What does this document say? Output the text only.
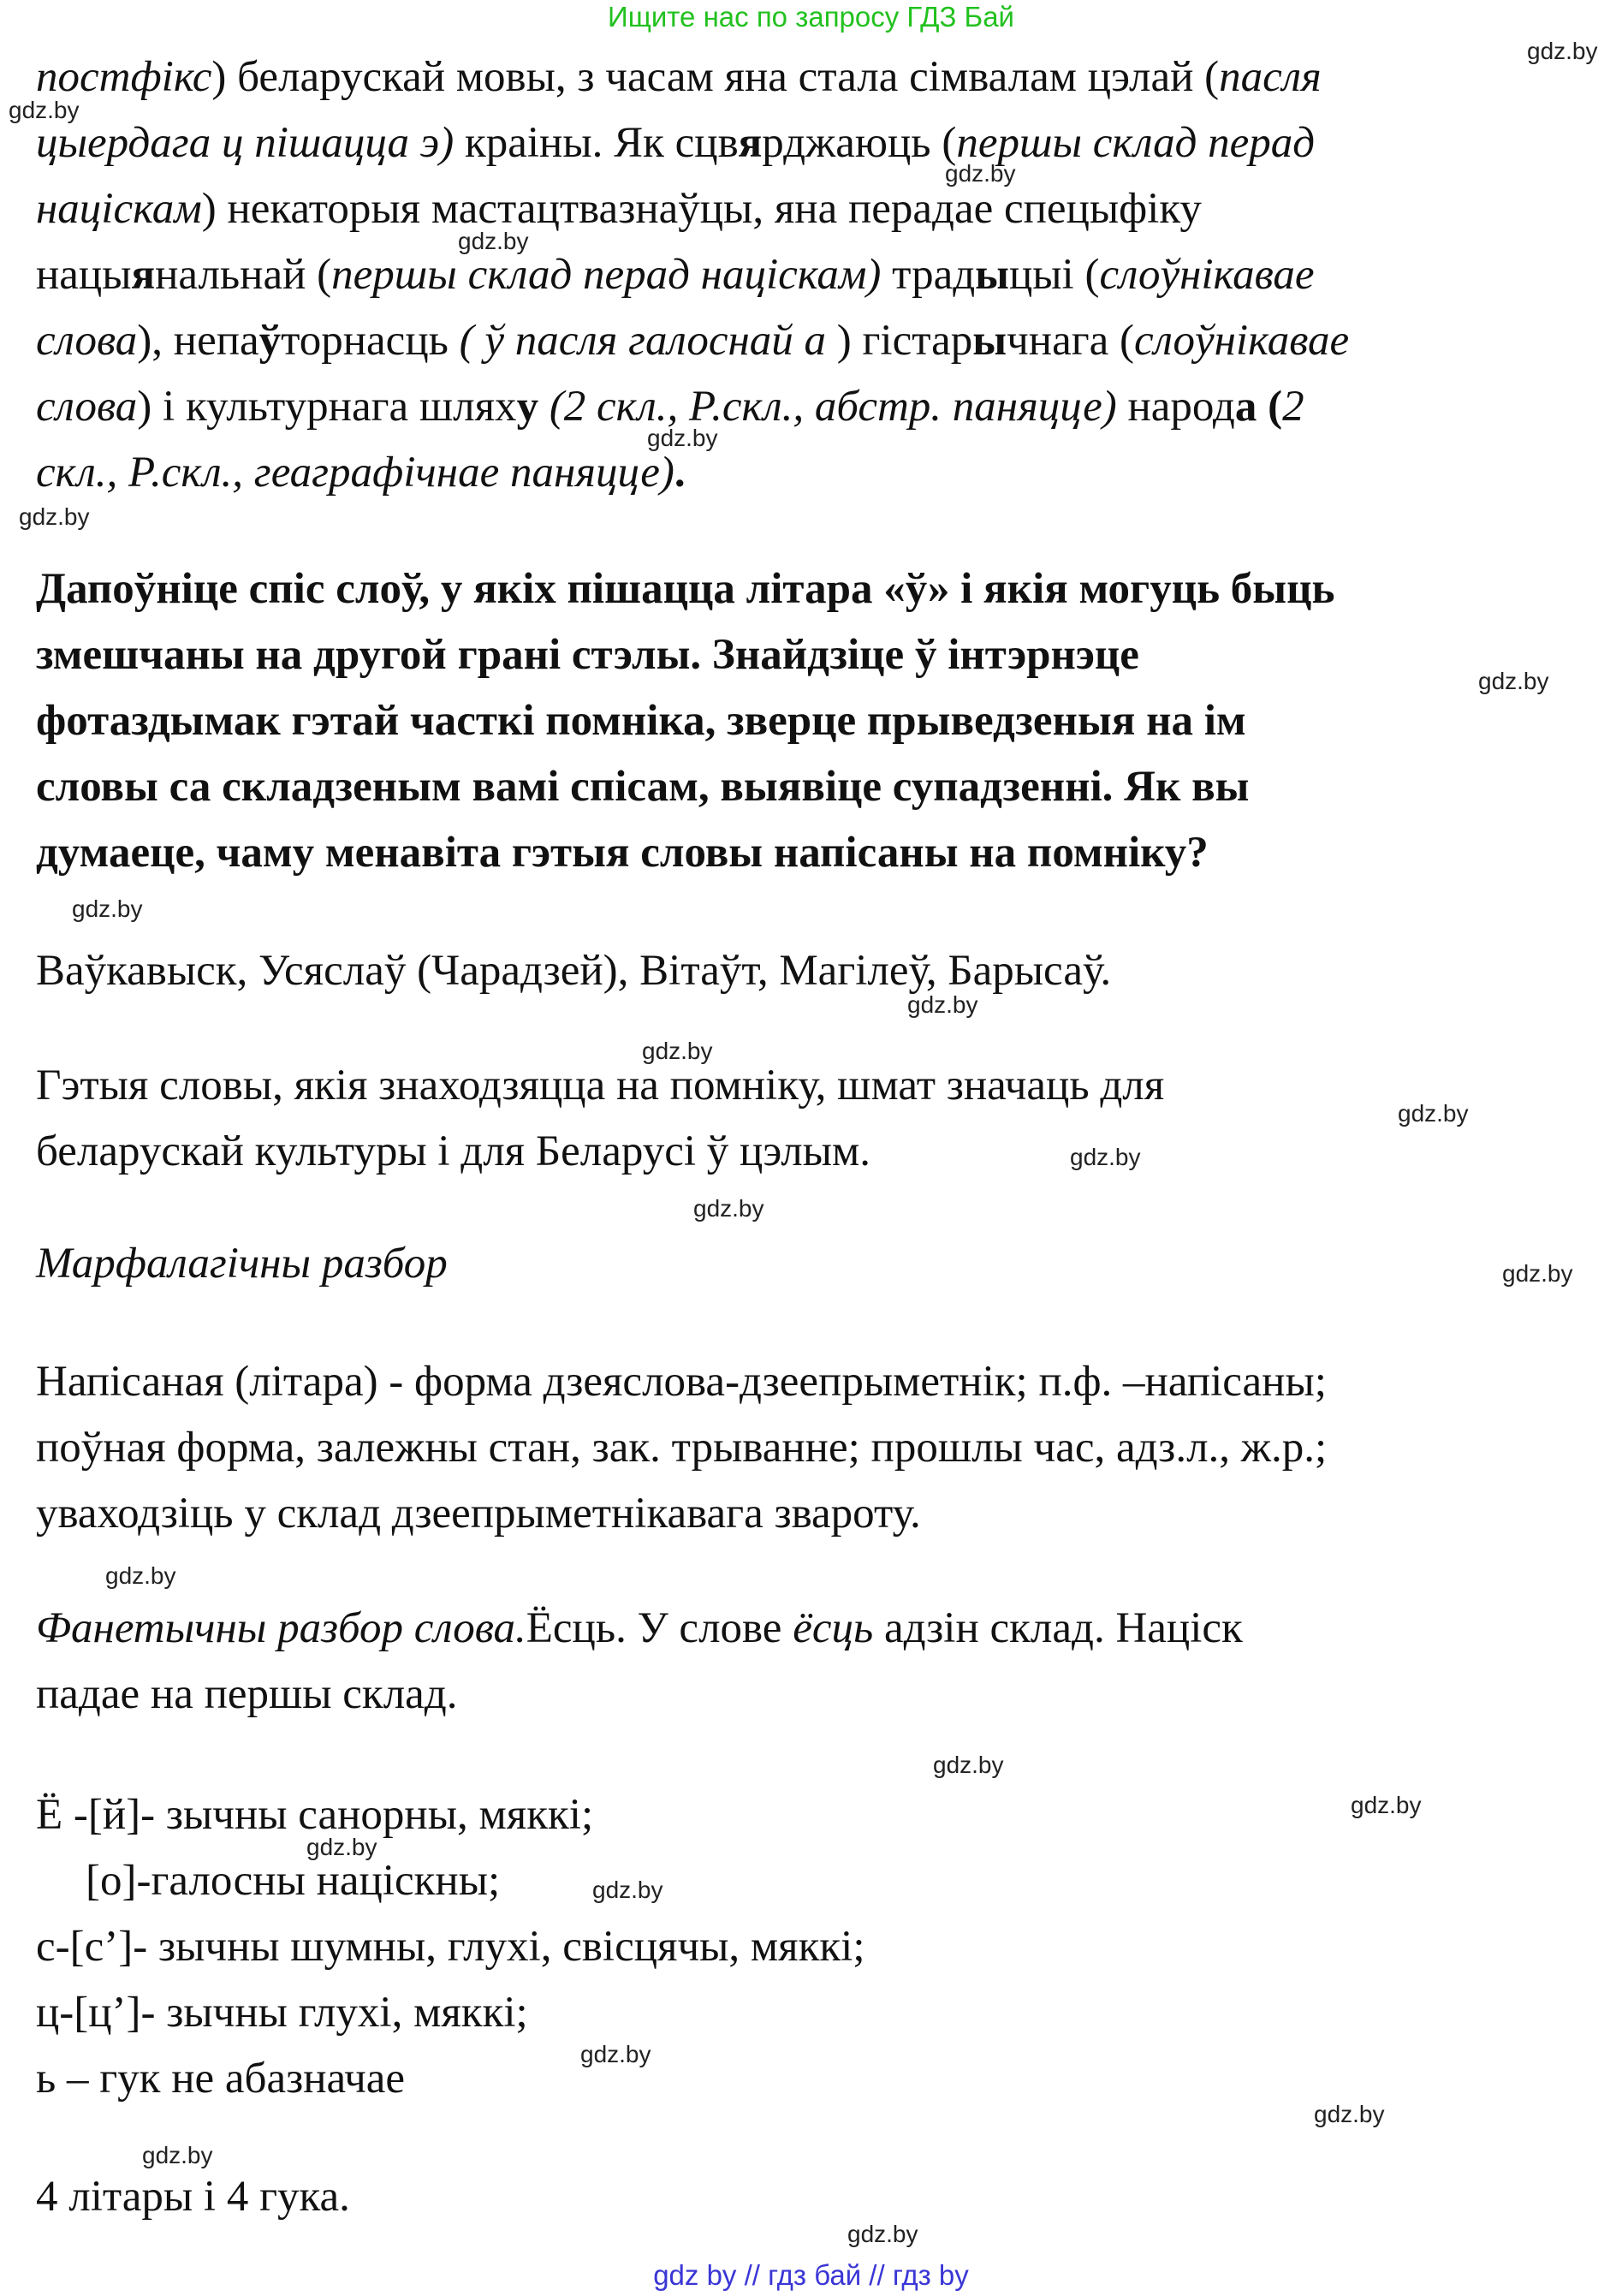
Ищите нас по запросу ГДЗ Бай
постфікс) беларускай мовы, з часам яна стала сімвалам цэлай (пасля
цыердага ц пішацца э) краіны. Як сцвярджаюць (першы склад перад
націскам) некаторыя мастацтвазнаўцы, яна перадае спецыфіку
нацыянальнай (першы склад перад націскам) традыцыі (слоўнікавае
слова), непаўторнасць ( ў пасля галоснай а ) гістарычнага (слоўнікавае
слова) і культурнага шляху (2 скл., Р.скл., абстр. паняцце) народа (2
скл., Р.скл., геаграфічнае паняцце).
Дапоўніце спіс слоў, у якіх пішацца літара «ў» і якія могуць быць
змешчаны на другой грані стэлы. Знайдзіце ў інтэрнэце
фотаздымак гэтай часткі помніка, зверце прыведзеныя на ім
словы са складзеным вамі спісам, выявіце супадзенні. Як вы
думаеце, чаму менавіта гэтыя словы напісаны на помніку?
Ваўкавыск, Усяслаў (Чарадзей), Вітаўт, Магілеў, Барысаў.
Гэтыя словы, якія знаходзяцца на помніку, шмат значаць для
беларускай культуры і для Беларусі ў цэлым.
Марфалагічны разбор
Напісаная (літара) - форма дзеяслова-дзеепрыметнік; п.ф. –напісаны;
поўная форма, залежны стан, зак. трыванне; прошлы час, адз.л., ж.р.;
уваходзіць у склад дзеепрыметнікавага звароту.
Фанетычны разбор слова.Ёсць. У слове ёсць адзін склад. Націск
падае на першы склад.
Ё -[й]- зычны санорны, мяккі;
[о]-галосны націскны;
с-[с’]- зычны шумны, глухі, свісцячы, мяккі;
ц-[ц’]- зычны глухі, мяккі;
ь – гук не абазначае
4 літары і 4 гука.
gdz.by
gdz.by
gdz.by
gdz.by
gdz.by
gdz.by
gdz.by
gdz.by
gdz.by
gdz.by
gdz.by
gdz.by
gdz.by
gdz.by
gdz.by
gdz.by
gdz.by
gdz.by
gdz.by
gdz.by
gdz.by
gdz.by
gdz.by
gdz by // гдз бай // гдз by
